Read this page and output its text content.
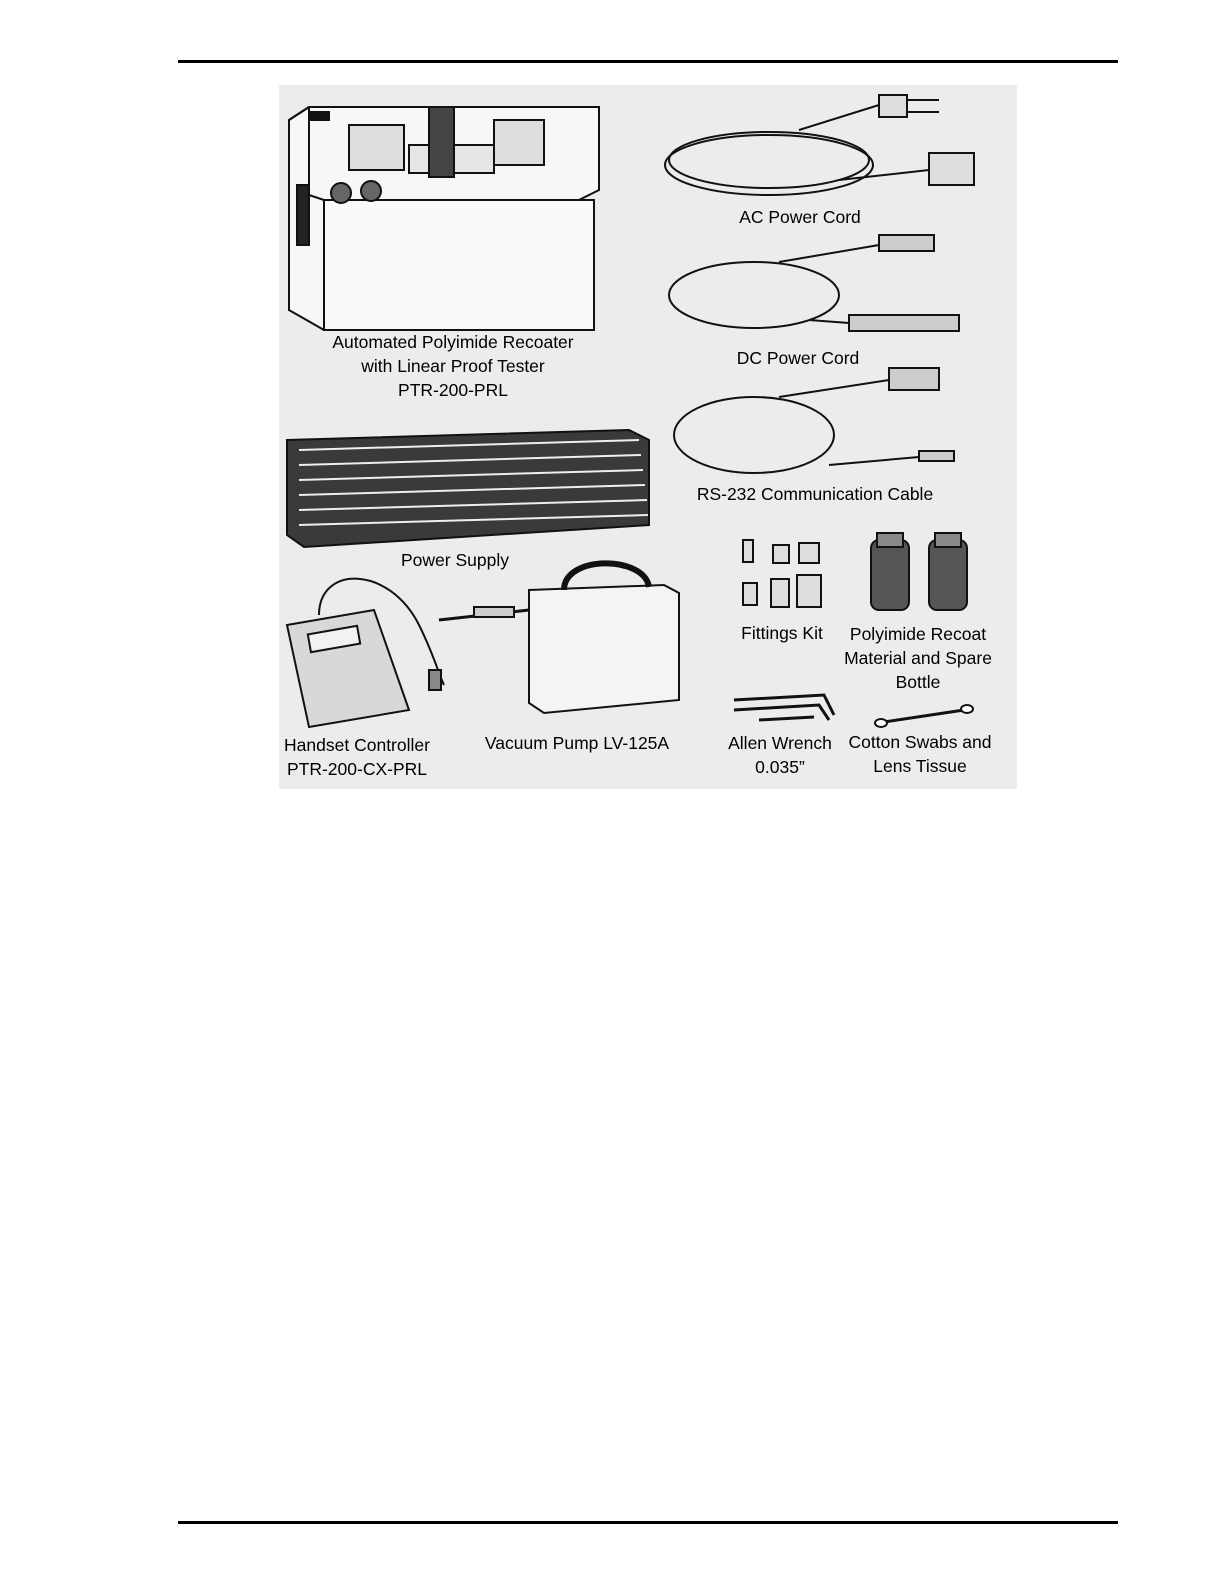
Automated Polyimide Recoater
with Linear Proof Tester
PTR-200-PRL
AC Power Cord
DC Power Cord
RS-232 Communication Cable
Power Supply
Fittings Kit	Polyimide Recoat
Material and Spare
Bottle
Handset Controller
PTR-200-CX-PRL
Vacuum Pump LV-125A	Allen Wrench
0.035”
Cotton Swabs and
Lens Tissue
